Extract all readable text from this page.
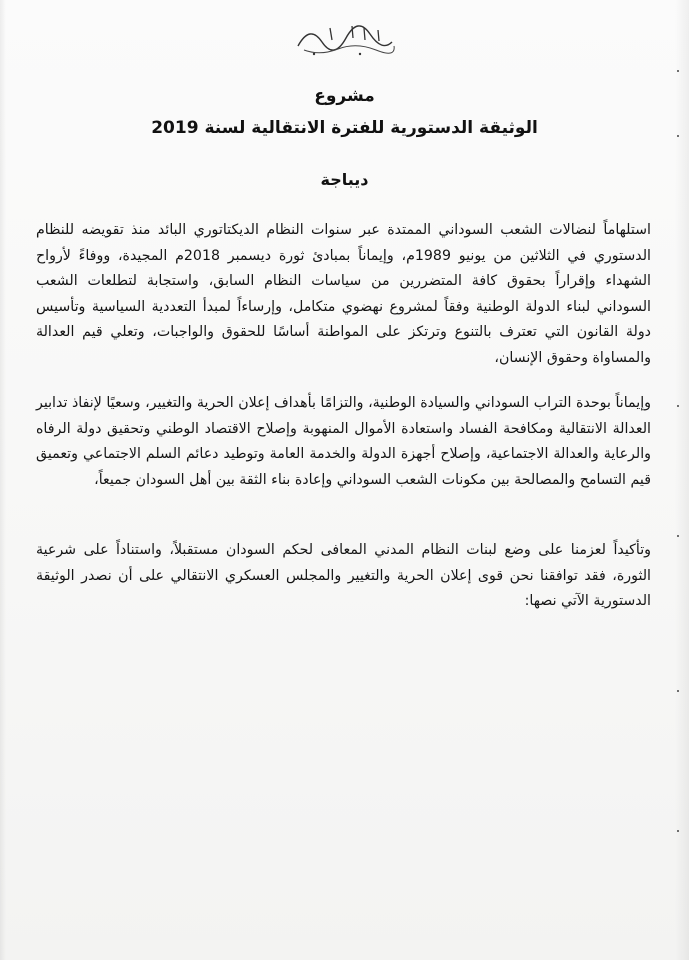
مشروع
الوثيقة الدستورية للفترة الانتقالية لسنة 2019
ديباجة

استلهاماً لنضالات الشعب السوداني الممتدة عبر سنوات النظام الديكتاتوري البائد منذ تقويضه للنظام الدستوري في الثلاثين من يونيو 1989م، وإيماناً بمبادئ ثورة ديسمبر 2018م المجيدة، ووفاءً لأرواح الشهداء وإقراراً بحقوق كافة المتضررين من سياسات النظام السابق، واستجابة لتطلعات الشعب السوداني لبناء الدولة الوطنية وفقاً لمشروع نهضوي متكامل، وإرساءاً لمبدأ التعددية السياسية وتأسيس دولة القانون التي تعترف بالتنوع وترتكز على المواطنة أساسًا للحقوق والواجبات، وتعلي قيم العدالة والمساواة وحقوق الإنسان،

وإيماناً بوحدة التراب السوداني والسيادة الوطنية، والتزامًا بأهداف إعلان الحرية والتغيير، وسعيًا لإنفاذ تدابير العدالة الانتقالية ومكافحة الفساد واستعادة الأموال المنهوبة وإصلاح الاقتصاد الوطني وتحقيق دولة الرفاه والرعاية والعدالة الاجتماعية، وإصلاح أجهزة الدولة والخدمة العامة وتوطيد دعائم السلم الاجتماعي وتعميق قيم التسامح والمصالحة بين مكونات الشعب السوداني وإعادة بناء الثقة بين أهل السودان جميعاً،

وتأكيداً لعزمنا على وضع لبنات النظام المدني المعافى لحكم السودان مستقبلاً، واستناداً على شرعية الثورة، فقد توافقنا نحن قوى إعلان الحرية والتغيير والمجلس العسكري الانتقالي على أن نصدر الوثيقة الدستورية الآتي نصها:
